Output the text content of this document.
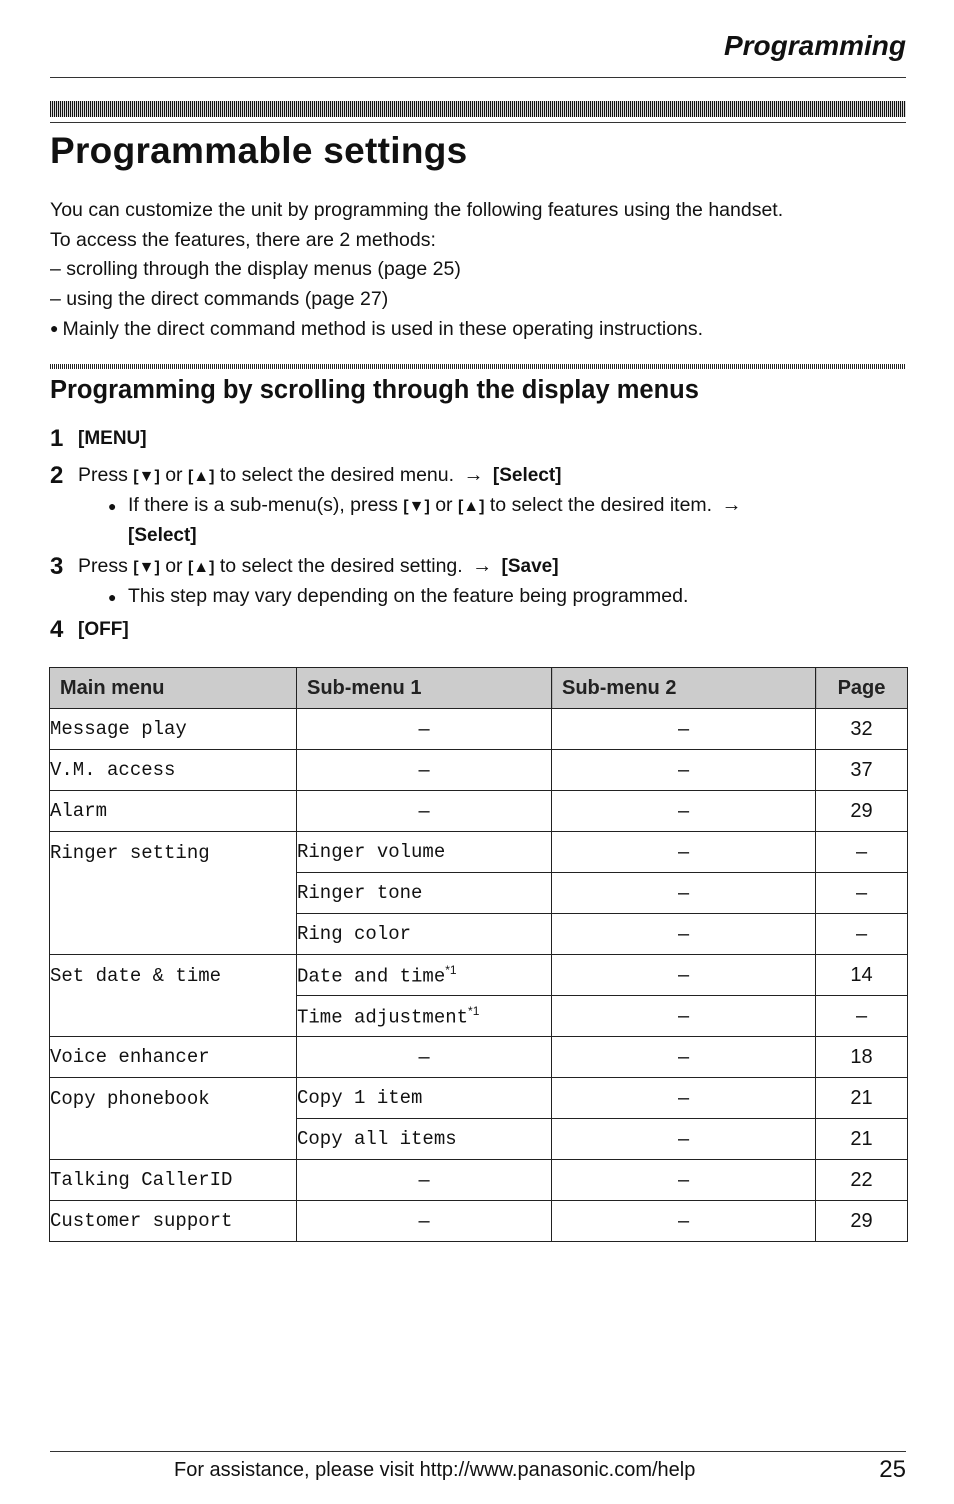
Programming
Programmable settings

You can customize the unit by programming the following features using the handset.

To access the features, there are 2 methods:

– scrolling through the display menus (page 25)

– using the direct commands (page 27)

● Mainly the direct command method is used in these operating instructions.

Programming by scrolling through the display menus
1 [MENU]
2 Press [▼] or [▲] to select the desired menu. → [Select]
● If there is a sub-menu(s), press [▼] or [▲] to select the desired item. →
[Select]
3 Press [▼] or [▲] to select the desired setting. → [Save]
● This step may vary depending on the feature being programmed.
4 [OFF]
Main menu	Sub-menu 1	Sub-menu 2	Page
Message play	–	–	32
V.M. access	–	–	37
Alarm	–	–	29
Ringer setting	Ringer volume	–	–
	Ringer tone	–	–
	Ring color	–	–
Set date & time	Date and time$^{*1}$	–	14
	Time adjustment$^{*1}$	–	–
Voice enhancer	–	–	18
Copy phonebook	Copy 1 item	–	21
	Copy all items	–	21
Talking CallerID	–	–	22
Customer support	–	–	29
For assistance, please visit http://www.panasonic.com/help	25
